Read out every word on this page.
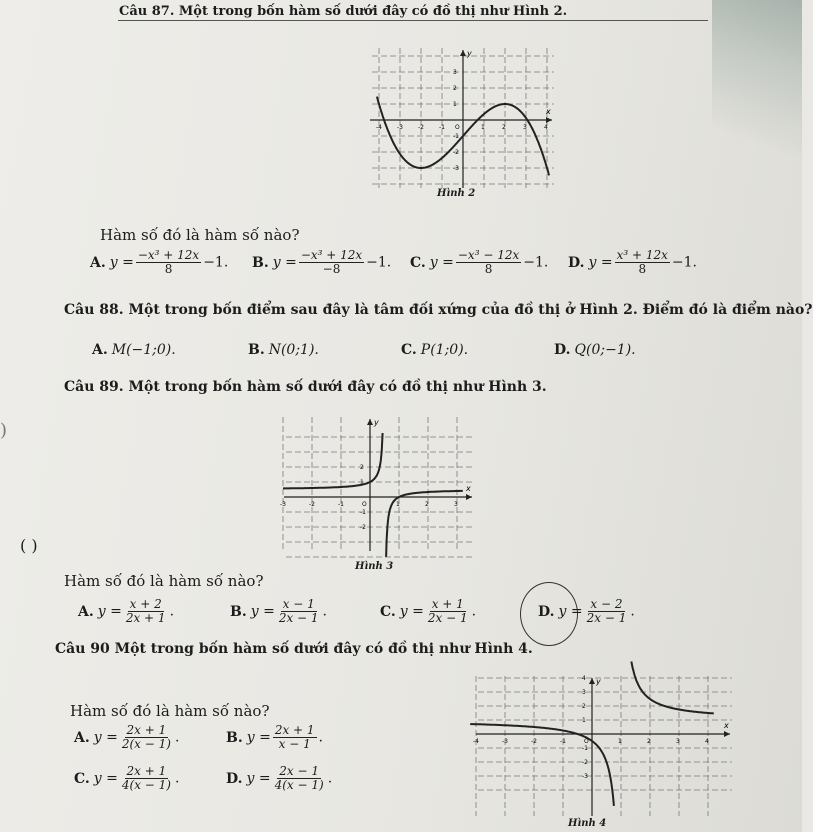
Câu 87. Một trong bốn hàm số dưới đây có đồ thị như Hình 2.
x
y
O
-4	-3	-2	-1	1	2	3	4
3
2
1
-1
-2
-3
Hình 2
Hàm số đó là hàm số nào?
A. $y = \frac{\text{−x³ + 12x}}{8} -1$. B. $y = \frac{\text{−x³ + 12x}}{-8} -1$. C. $y = \frac{\text{−x³ − 12x}}{8} -1$. D. $y = \frac{\text{x³ + 12x}}{8} -1$.
Câu 88. Một trong bốn điểm sau đây là tâm đối xứng của đồ thị ở Hình 2. Điểm đó là điểm nào?
A. M(−1;0).	B. N(0;1).	C. P(1;0).	D. Q(0;−1).
Câu 89. Một trong bốn hàm số dưới đây có đồ thị như Hình 3.
x
y
O
-3	-2	-1	1	2	3
2
1
-1
-2
Hình 3
)
( )
Hàm số đó là hàm số nào?
A. $y = \frac{x + 2}{2x + 1}$ .	B. $y = \frac{x - 1}{2x - 1}$ .	C. $y = \frac{x + 1}{2x - 1}$ .	D. $y = \frac{x - 2}{2x - 1}$ .
Câu 90 Một trong bốn hàm số dưới đây có đồ thị như Hình 4.
Hàm số đó là hàm số nào?
A. $y = \frac{2x + 1}{2(x - 1)}$ .	B. $y = \frac{2x + 1}{x - 1}$ .
C. $y = \frac{2x + 1}{4(x - 1)}$ .	D. $y = \frac{2x - 1}{4(x - 1)}$ .
x
y
O
-4	-3	-2	-1	1	2	3	4
4
3
2
1
-1
-2
-3
Hình 4
